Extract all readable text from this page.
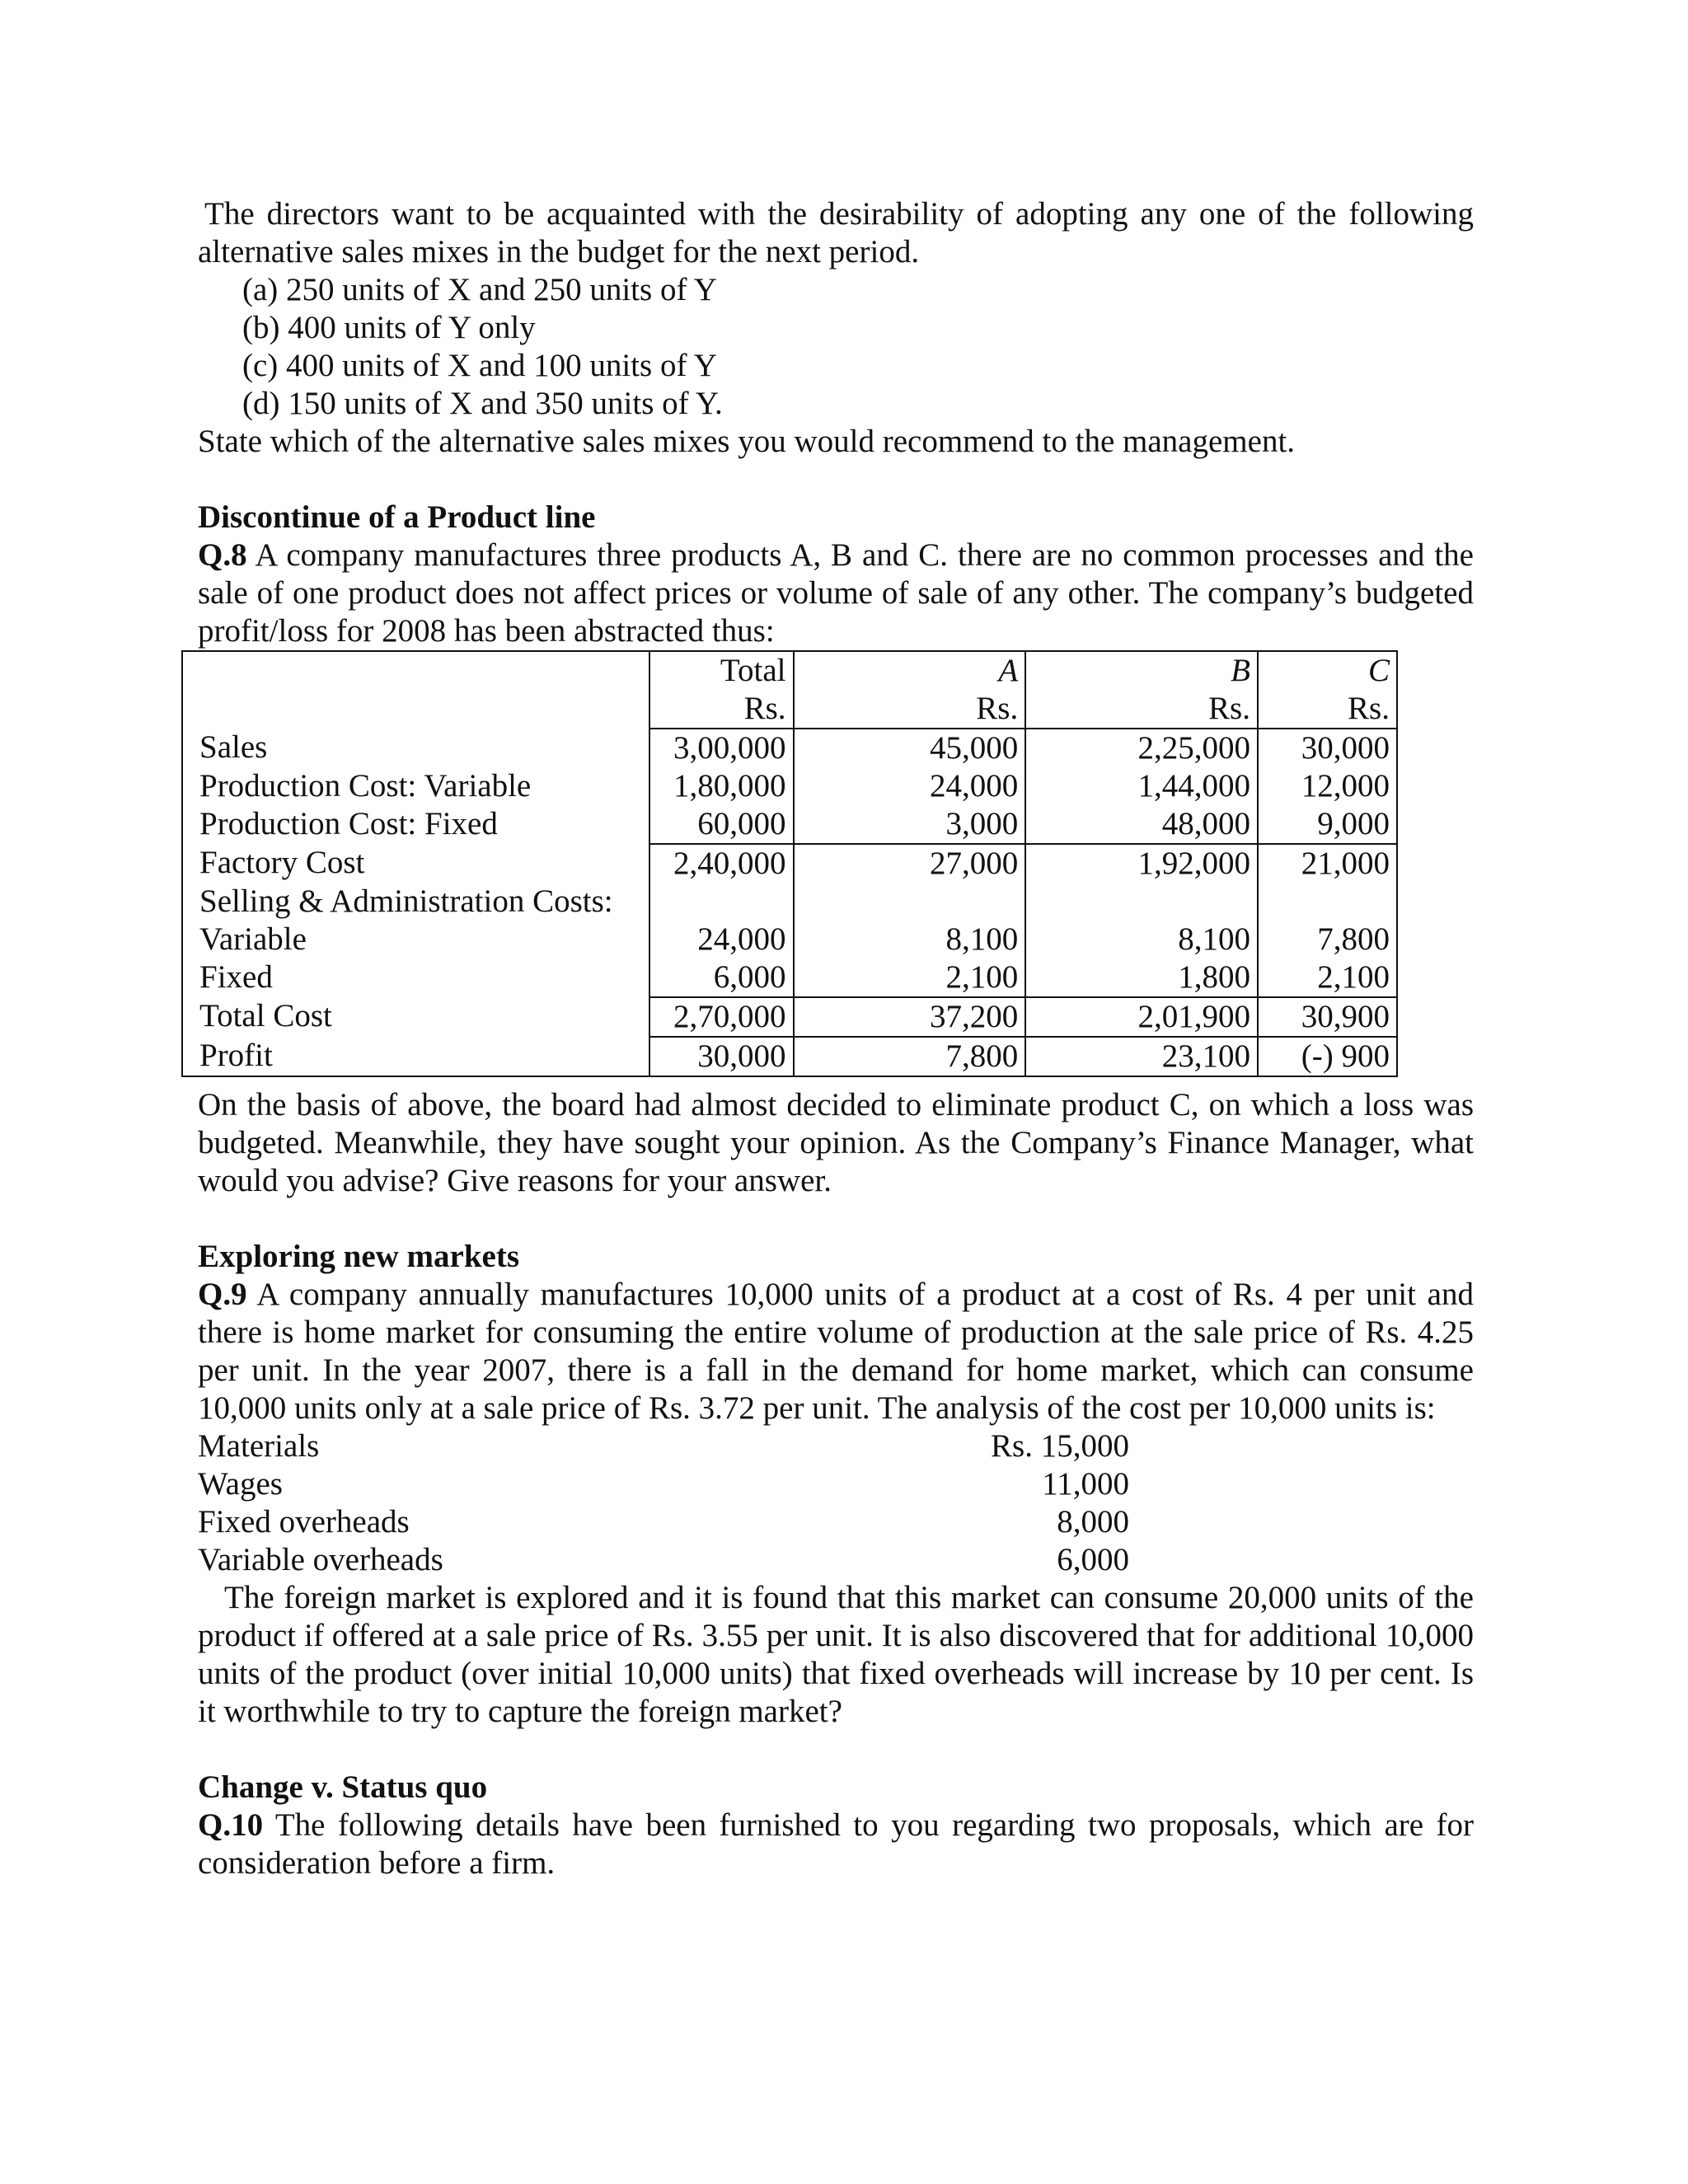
The directors want to be acquainted with the desirability of adopting any one of the following alternative sales mixes in the budget for the next period.

(a) 250 units of X and 250 units of Y
(b) 400 units of Y only
(c) 400 units of X and 100 units of Y
(d) 150 units of X and 350 units of Y.

State which of the alternative sales mixes you would recommend to the management.

Discontinue of a Product line

Q.8 A company manufactures three products A, B and C. there are no common processes and the sale of one product does not affect prices or volume of sale of any other. The company’s budgeted profit/loss for 2008 has been abstracted thus:

	Total	A	B	C
	Rs.	Rs.	Rs.	Rs.
Sales	3,00,000	45,000	2,25,000	30,000
Production Cost: Variable	1,80,000	24,000	1,44,000	12,000
Production Cost: Fixed	60,000	3,000	48,000	9,000
Factory Cost	2,40,000	27,000	1,92,000	21,000
Selling & Administration Costs:				
Variable	24,000	8,100	8,100	7,800
Fixed	6,000	2,100	1,800	2,100
Total Cost	2,70,000	37,200	2,01,900	30,900
Profit	30,000	7,800	23,100	(-) 900

On the basis of above, the board had almost decided to eliminate product C, on which a loss was budgeted. Meanwhile, they have sought your opinion. As the Company’s Finance Manager, what would you advise? Give reasons for your answer.

Exploring new markets

Q.9 A company annually manufactures 10,000 units of a product at a cost of Rs. 4 per unit and there is home market for consuming the entire volume of production at the sale price of Rs. 4.25 per unit. In the year 2007, there is a fall in the demand for home market, which can consume 10,000 units only at a sale price of Rs. 3.72 per unit. The analysis of the cost per 10,000 units is:

Materials	Rs. 15,000
Wages	11,000
Fixed overheads	8,000
Variable overheads	6,000

The foreign market is explored and it is found that this market can consume 20,000 units of the product if offered at a sale price of Rs. 3.55 per unit. It is also discovered that for additional 10,000 units of the product (over initial 10,000 units) that fixed overheads will increase by 10 per cent. Is it worthwhile to try to capture the foreign market?

Change v. Status quo

Q.10 The following details have been furnished to you regarding two proposals, which are for consideration before a firm.
